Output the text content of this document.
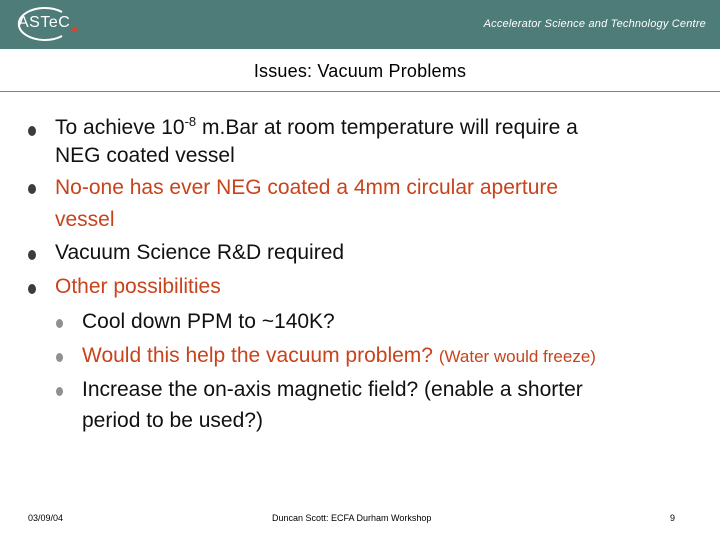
ASTeC	Accelerator Science and Technology Centre
Issues: Vacuum Problems
To achieve $10^{-8}$ m.Bar at room temperature will require a
NEG coated vessel
No-one has ever NEG coated a 4mm circular aperture
vessel
Vacuum Science R&D required
Other possibilities
Cool down PPM to ~140K?
Would this help the vacuum problem? (Water would freeze)
Increase the on-axis magnetic field? (enable a shorter
period to be used?)
03/09/04	Duncan Scott: ECFA Durham Workshop	9
